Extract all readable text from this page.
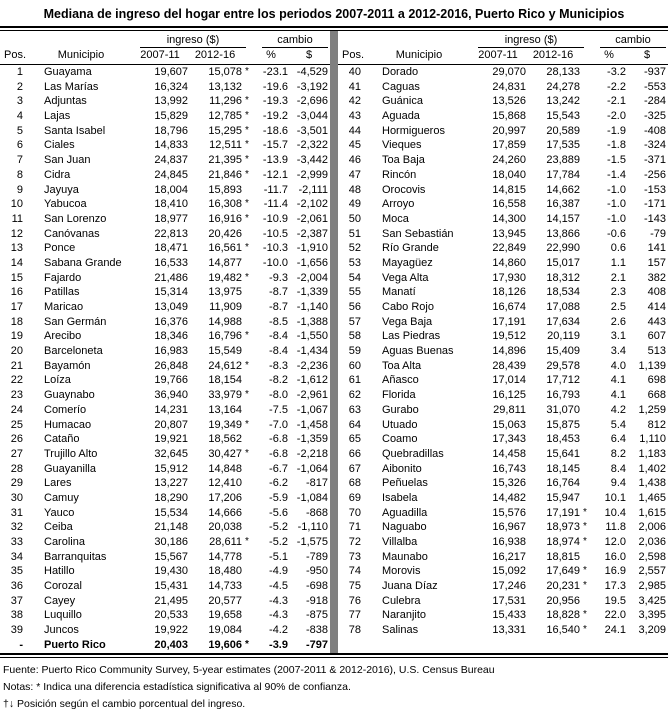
Mediana de ingreso del hogar entre los periodos 2007-2011 a 2012-2016, Puerto Rico y Municipios
ingreso ($)	cambio
Pos.	Municipio	2007-11	2012-16	%	$
1	Guayama	19,607	15,078 *	-23.1 -4,529
2	Las Marías	16,324	13,132	-19.6 -3,192
3	Adjuntas	13,992	11,296 *	-19.3 -2,696
4	Lajas	15,829	12,785 *	-19.2 -3,044
5	Santa Isabel	18,796	15,295 *	-18.6 -3,501
6	Ciales	14,833	12,511 *	-15.7 -2,322
7	San Juan	24,837	21,395 *	-13.9 -3,442
8	Cidra	24,845	21,846 *	-12.1 -2,999
9	Jayuya	18,004	15,893	-11.7 -2,111
10	Yabucoa	18,410	16,308 *	-11.4 -2,102
11	San Lorenzo	18,977	16,916 *	-10.9 -2,061
12	Canóvanas	22,813	20,426	-10.5 -2,387
13	Ponce	18,471	16,561 *	-10.3 -1,910
14	Sabana Grande	16,533	14,877	-10.0 -1,656
15	Fajardo	21,486	19,482 *	-9.3 -2,004
16	Patillas	15,314	13,975	-8.7 -1,339
17	Maricao	13,049	11,909	-8.7 -1,140
18	San Germán	16,376	14,988	-8.5 -1,388
19	Arecibo	18,346	16,796 *	-8.4 -1,550
20	Barceloneta	16,983	15,549	-8.4 -1,434
21	Bayamón	26,848	24,612 *	-8.3 -2,236
22	Loíza	19,766	18,154	-8.2 -1,612
23	Guaynabo	36,940	33,979 *	-8.0 -2,961
24	Comerío	14,231	13,164	-7.5 -1,067
25	Humacao	20,807	19,349 *	-7.0 -1,458
26	Cataño	19,921	18,562	-6.8 -1,359
27	Trujillo Alto	32,645	30,427 *	-6.8 -2,218
28	Guayanilla	15,912	14,848	-6.7 -1,064
29	Lares	13,227	12,410	-6.2	-817
30	Camuy	18,290	17,206	-5.9 -1,084
31	Yauco	15,534	14,666	-5.6	-868
32	Ceiba	21,148	20,038	-5.2 -1,110
33	Carolina	30,186	28,611 *	-5.2 -1,575
34	Barranquitas	15,567	14,778	-5.1	-789
35	Hatillo	19,430	18,480	-4.9	-950
36	Corozal	15,431	14,733	-4.5	-698
37	Cayey	21,495	20,577	-4.3	-918
38	Luquillo	20,533	19,658	-4.3	-875
39	Juncos	19,922	19,084	-4.2	-838
-	Puerto Rico	20,403	19,606 *	-3.9	-797
ingreso ($)	cambio
Pos.	Municipio	2007-11	2012-16	%	$
40	Dorado	29,070	28,133	-3.2	-937
41	Caguas	24,831	24,278	-2.2	-553
42	Guánica	13,526	13,242	-2.1	-284
43	Aguada	15,868	15,543	-2.0	-325
44	Hormigueros	20,997	20,589	-1.9	-408
45	Vieques	17,859	17,535	-1.8	-324
46	Toa Baja	24,260	23,889	-1.5	-371
47	Rincón	18,040	17,784	-1.4	-256
48	Orocovis	14,815	14,662	-1.0	-153
49	Arroyo	16,558	16,387	-1.0	-171
50	Moca	14,300	14,157	-1.0	-143
51	San Sebastián	13,945	13,866	-0.6	-79
52	Río Grande	22,849	22,990	0.6	141
53	Mayagüez	14,860	15,017	1.1	157
54	Vega Alta	17,930	18,312	2.1	382
55	Manatí	18,126	18,534	2.3	408
56	Cabo Rojo	16,674	17,088	2.5	414
57	Vega Baja	17,191	17,634	2.6	443
58	Las Piedras	19,512	20,119	3.1	607
59	Aguas Buenas	14,896	15,409	3.4	513
60	Toa Alta	28,439	29,578	4.0	1,139
61	Añasco	17,014	17,712	4.1	698
62	Florida	16,125	16,793	4.1	668
63	Gurabo	29,811	31,070	4.2	1,259
64	Utuado	15,063	15,875	5.4	812
65	Coamo	17,343	18,453	6.4	1,110
66	Quebradillas	14,458	15,641	8.2	1,183
67	Aibonito	16,743	18,145	8.4	1,402
68	Peñuelas	15,326	16,764	9.4	1,438
69	Isabela	14,482	15,947	10.1	1,465
70	Aguadilla	15,576	17,191 *	10.4	1,615
71	Naguabo	16,967	18,973 *	11.8	2,006
72	Villalba	16,938	18,974 *	12.0	2,036
73	Maunabo	16,217	18,815	16.0	2,598
74	Morovis	15,092	17,649 *	16.9	2,557
75	Juana Díaz	17,246	20,231 *	17.3	2,985
76	Culebra	17,531	20,956	19.5	3,425
77	Naranjito	15,433	18,828 *	22.0	3,395
78	Salinas	13,331	16,540 *	24.1	3,209
Fuente: Puerto Rico Community Survey, 5-year estimates (2007-2011 & 2012-2016), U.S. Census Bureau
Notas: * Indica una diferencia estadística significativa al 90% de confianza.
†↓ Posición según el cambio porcentual del ingreso.
